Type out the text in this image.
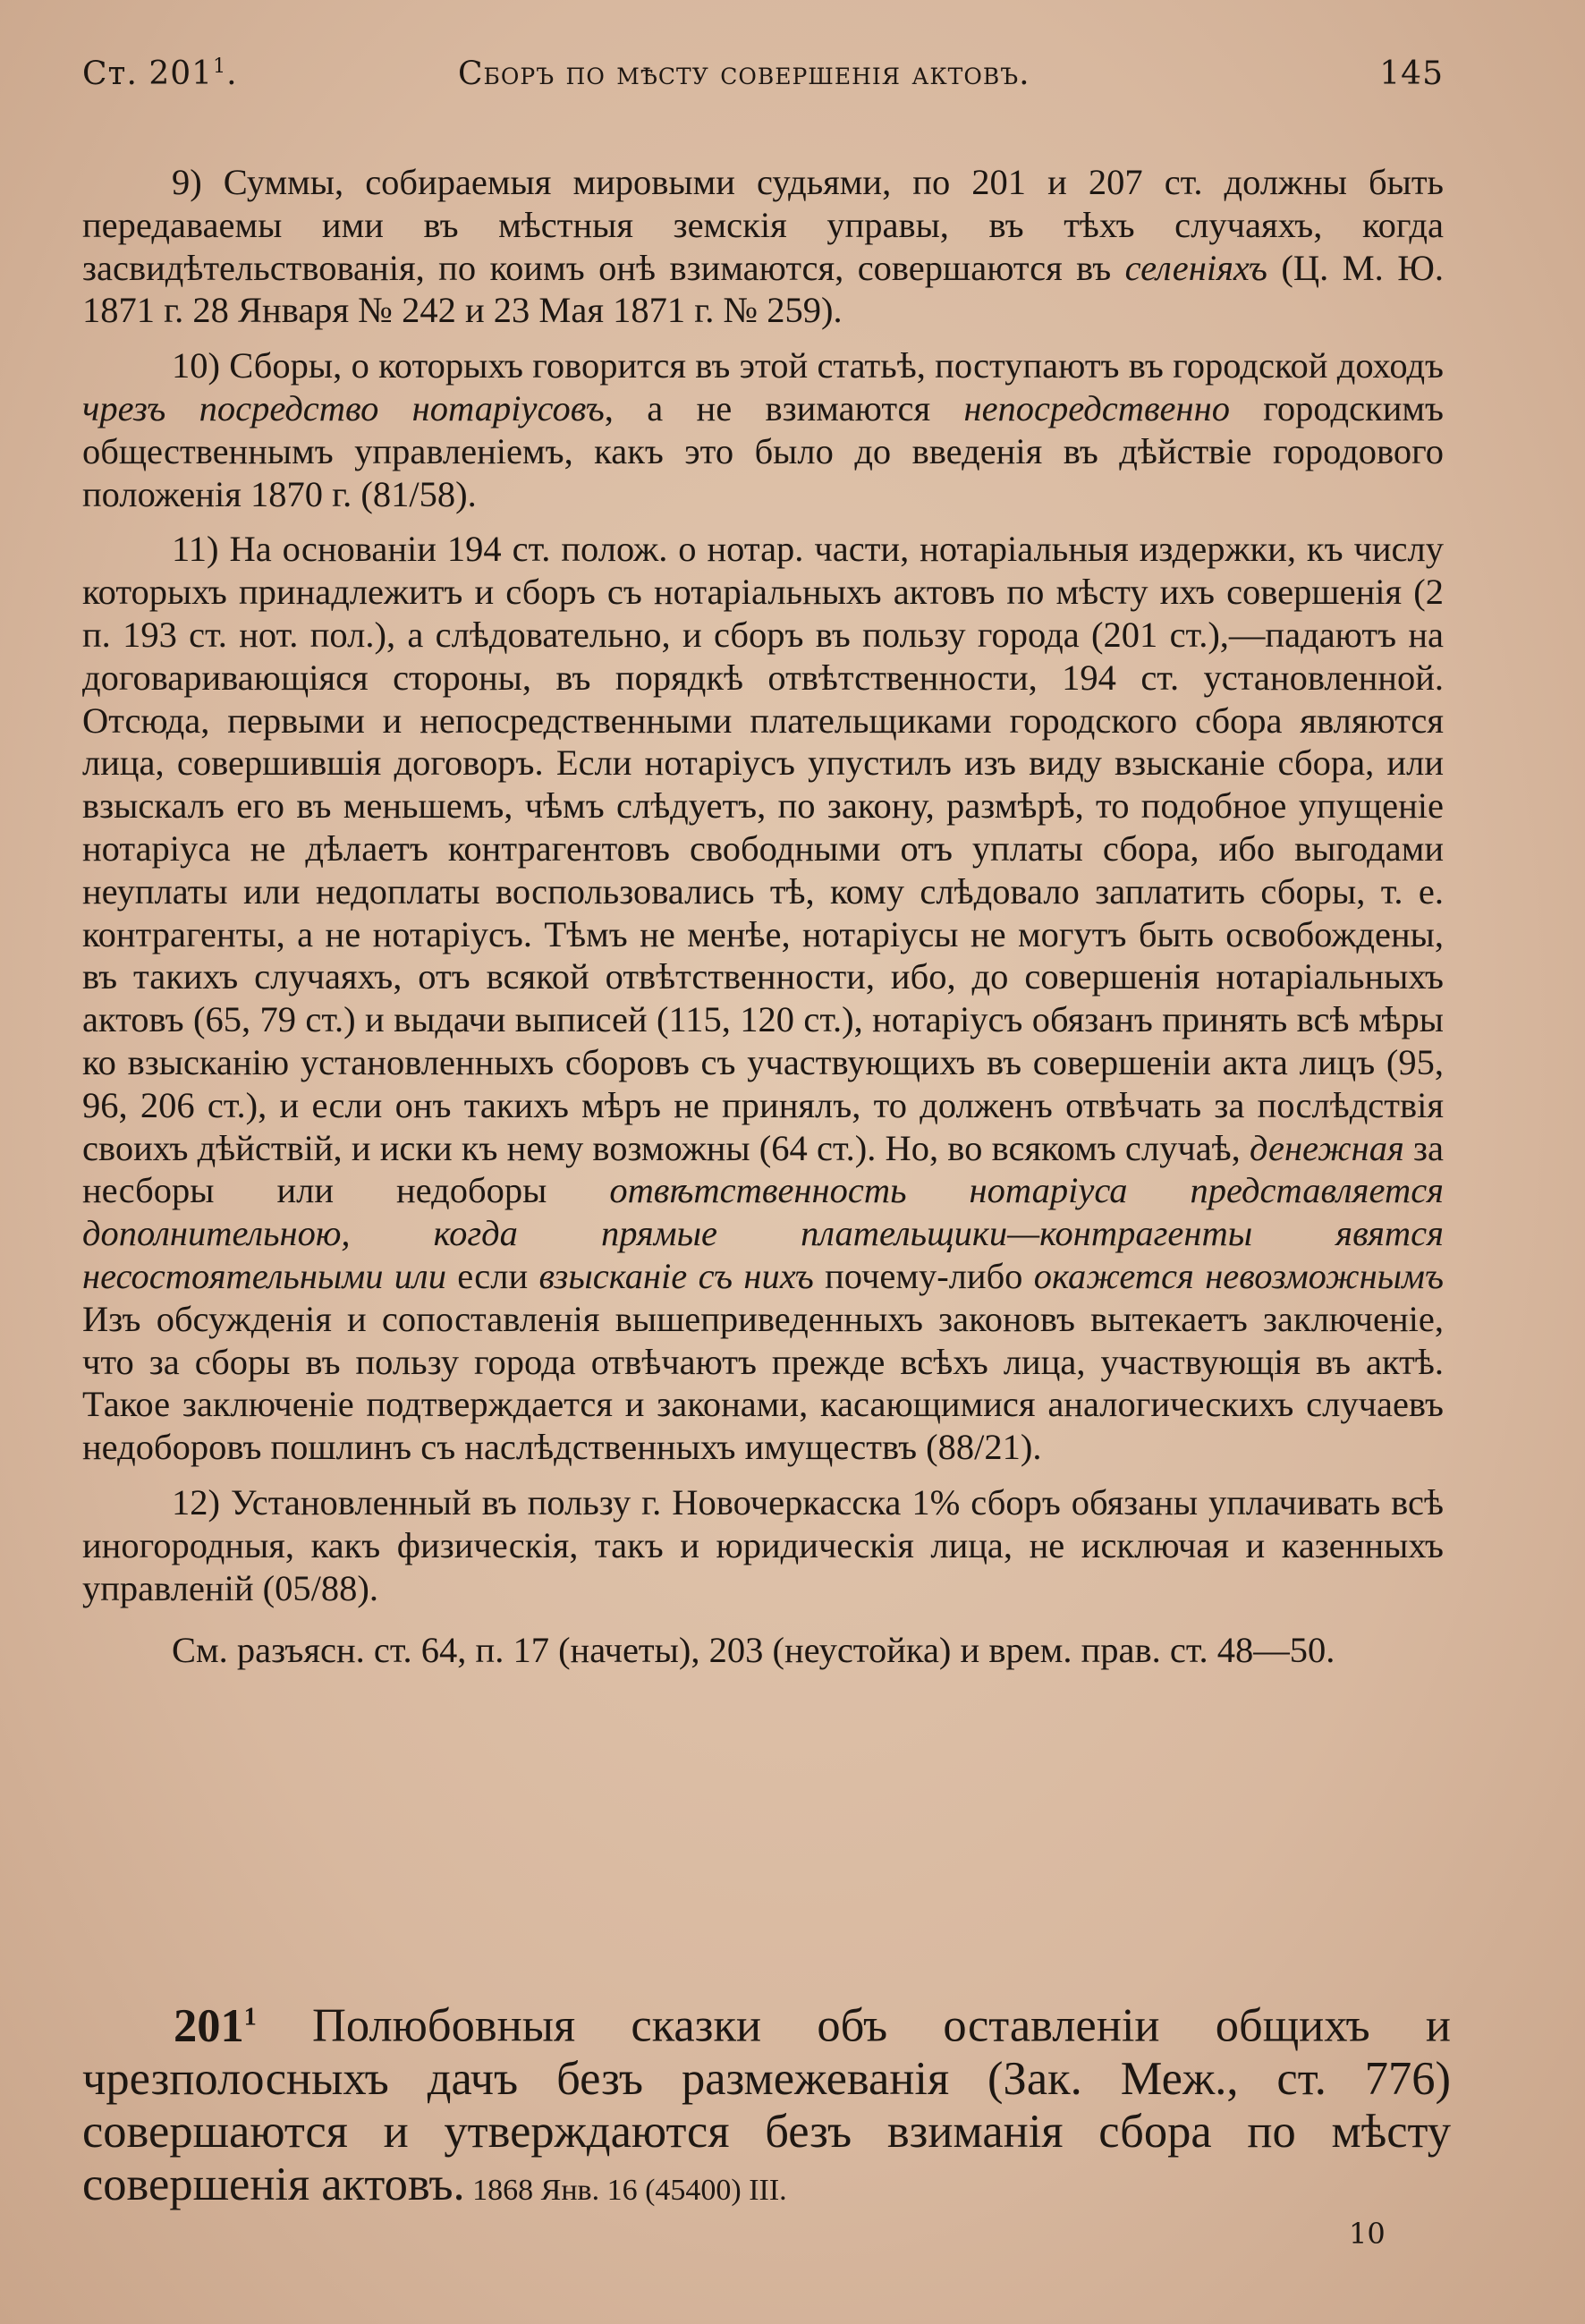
Ст. $201^1$.	Сборъ по мѣсту совершенія актовъ.	145

9) Суммы, собираемыя мировыми судьями, по 201 и 207 ст. должны быть передаваемы ими въ мѣстныя земскія управы, въ тѣхъ случаяхъ, когда засвидѣтельствованія, по коимъ онѣ взимаются, совершаются въ селеніяхъ (Ц. М. Ю. 1871 г. 28 Января № 242 и 23 Мая 1871 г. № 259).

10) Сборы, о которыхъ говорится въ этой статьѣ, поступаютъ въ городской доходъ чрезъ посредство нотаріусовъ, а не взимаются непосредственно городскимъ общественнымъ управленіемъ, какъ это было до введенія въ дѣйствіе городового положенія 1870 г. (81/58).

11) На основаніи 194 ст. полож. о нотар. части, нотаріальныя издержки, къ числу которыхъ принадлежитъ и сборъ съ нотаріальныхъ актовъ по мѣсту ихъ совершенія (2 п. 193 ст. нот. пол.), а слѣдовательно, и сборъ въ пользу города (201 ст.),—падаютъ на договаривающіяся стороны, въ порядкѣ отвѣтственности, 194 ст. установленной. Отсюда, первыми и непосредственными плательщиками городского сбора являются лица, совершившія договоръ. Если нотаріусъ упустилъ изъ виду взысканіе сбора, или взыскалъ его въ меньшемъ, чѣмъ слѣдуетъ, по закону, размѣрѣ, то подобное упущеніе нотаріуса не дѣлаетъ контрагентовъ свободными отъ уплаты сбора, ибо выгодами неуплаты или недоплаты воспользовались тѣ, кому слѣдовало заплатить сборы, т. е. контрагенты, а не нотаріусъ. Тѣмъ не менѣе, нотаріусы не могутъ быть освобождены, въ такихъ случаяхъ, отъ всякой отвѣтственности, ибо, до совершенія нотаріальныхъ актовъ (65, 79 ст.) и выдачи выписей (115, 120 ст.), нотаріусъ обязанъ принять всѣ мѣры ко взысканію установленныхъ сборовъ съ участвующихъ въ совершеніи акта лицъ (95, 96, 206 ст.), и если онъ такихъ мѣръ не принялъ, то долженъ отвѣчать за послѣдствія своихъ дѣйствій, и иски къ нему возможны (64 ст.). Но, во всякомъ случаѣ, денежная за несборы или недоборы отвѣтственность нотаріуса представляется дополнительною, когда прямые плательщики—контрагенты явятся несостоятельными или если взысканіе съ нихъ почему-либо окажется невозможнымъ Изъ обсужденія и сопоставленія вышеприведенныхъ законовъ вытекаетъ заключеніе, что за сборы въ пользу города отвѣчаютъ прежде всѣхъ лица, участвующія въ актѣ. Такое заключеніе подтверждается и законами, касающимися аналогическихъ случаевъ недоборовъ пошлинъ съ наслѣдственныхъ имуществъ (88/21).

12) Установленный въ пользу г. Новочеркасска 1% сборъ обязаны уплачивать всѣ иногородныя, какъ физическія, такъ и юридическія лица, не исключая и казенныхъ управленій (05/88).

См. разъясн. ст. 64, п. 17 (начеты), 203 (неустойка) и врем. прав. ст. 48—50.

$201^1$ Полюбовныя сказки объ оставленіи общихъ и чрезполосныхъ дачъ безъ размежеванія (Зак. Меж., ст. 776) совершаются и утверждаются безъ взиманія сбора по мѣсту совершенія актовъ. 1868 Янв. 16 (45400) III.
10
